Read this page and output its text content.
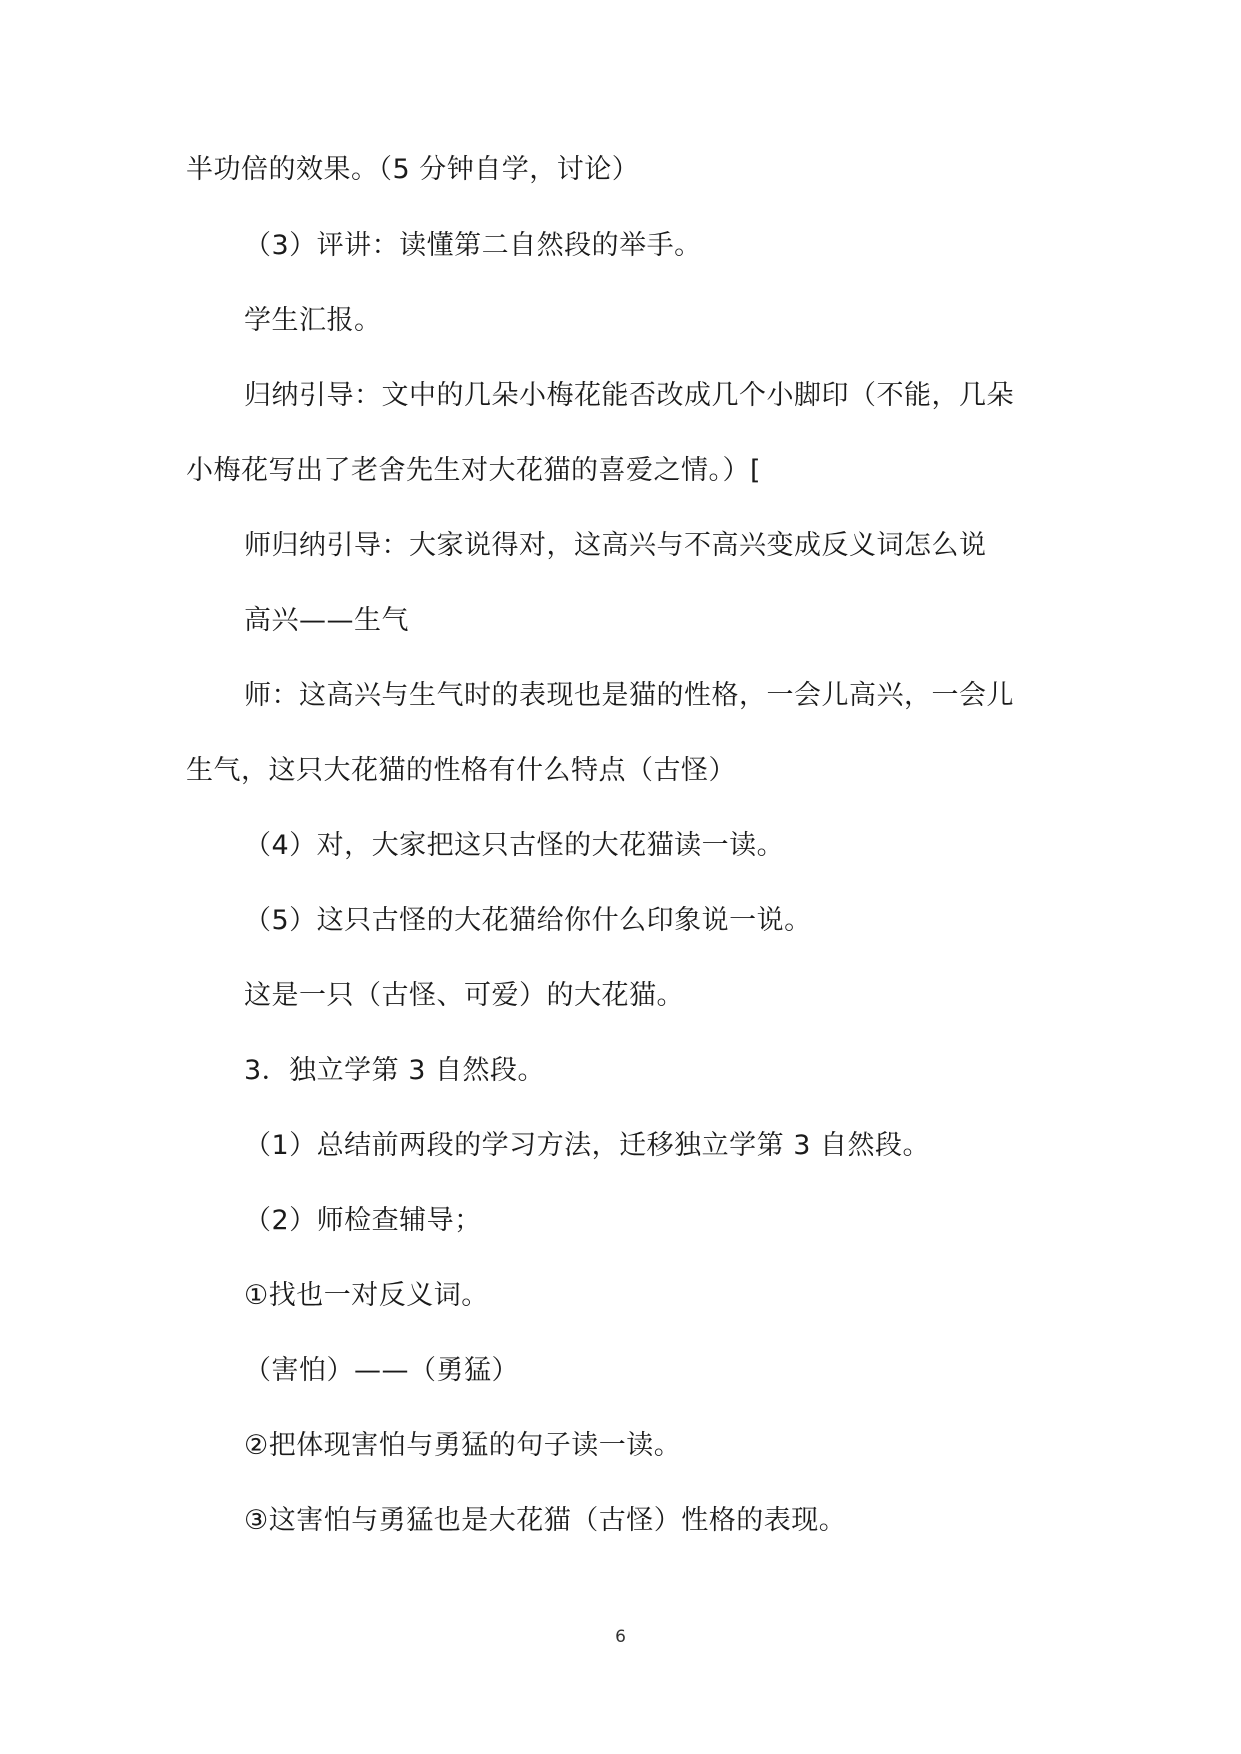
半功倍的效果。（5 分钟自学，讨论）
（3）评讲：读懂第二自然段的举手。
学生汇报。
归纳引导：文中的几朵小梅花能否改成几个小脚印（不能，几朵
小梅花写出了老舍先生对大花猫的喜爱之情。）[
师归纳引导：大家说得对，这高兴与不高兴变成反义词怎么说
高兴——生气
师：这高兴与生气时的表现也是猫的性格，一会儿高兴，一会儿
生气，这只大花猫的性格有什么特点（古怪）
（4）对，大家把这只古怪的大花猫读一读。
（5）这只古怪的大花猫给你什么印象说一说。
这是一只（古怪、可爱）的大花猫。
3．独立学第 3 自然段。
（1）总结前两段的学习方法，迁移独立学第 3 自然段。
（2）师检查辅导；
①找也一对反义词。
（害怕）——（勇猛）
②把体现害怕与勇猛的句子读一读。
③这害怕与勇猛也是大花猫（古怪）性格的表现。
6
